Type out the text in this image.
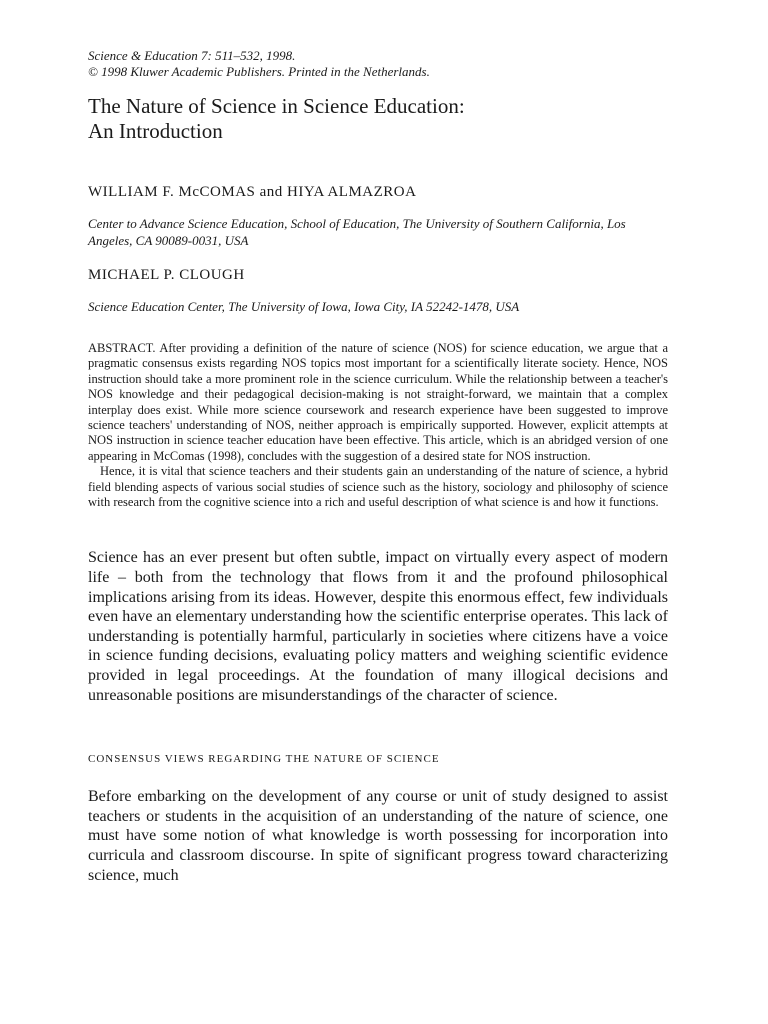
Science & Education 7: 511–532, 1998.

© 1998 Kluwer Academic Publishers. Printed in the Netherlands.

The Nature of Science in Science Education:
An Introduction
WILLIAM F. McCOMAS and HIYA ALMAZROA
Center to Advance Science Education, School of Education, The University of Southern California, Los Angeles, CA 90089-0031, USA
MICHAEL P. CLOUGH
Science Education Center, The University of Iowa, Iowa City, IA 52242-1478, USA

ABSTRACT. After providing a definition of the nature of science (NOS) for science education, we argue that a pragmatic consensus exists regarding NOS topics most important for a scientifically literate society. Hence, NOS instruction should take a more prominent role in the science curriculum. While the relationship between a teacher's NOS knowledge and their pedagogical decision-making is not straight-forward, we maintain that a complex interplay does exist. While more science coursework and research experience have been suggested to improve science teachers' understanding of NOS, neither approach is empirically supported. However, explicit attempts at NOS instruction in science teacher education have been effective. This article, which is an abridged version of one appearing in McComas (1998), concludes with the suggestion of a desired state for NOS instruction.

Hence, it is vital that science teachers and their students gain an understanding of the nature of science, a hybrid field blending aspects of various social studies of science such as the history, sociology and philosophy of science with research from the cognitive science into a rich and useful description of what science is and how it functions.

Science has an ever present but often subtle, impact on virtually every aspect of modern life – both from the technology that flows from it and the profound philosophical implications arising from its ideas. However, despite this enormous effect, few individuals even have an elementary understanding how the scientific enterprise operates. This lack of understanding is potentially harmful, particularly in societies where citizens have a voice in science funding decisions, evaluating policy matters and weighing scientific evidence provided in legal proceedings. At the foundation of many illogical decisions and unreasonable positions are misunderstandings of the character of science.
CONSENSUS VIEWS REGARDING THE NATURE OF SCIENCE
Before embarking on the development of any course or unit of study designed to assist teachers or students in the acquisition of an understanding of the nature of science, one must have some notion of what knowledge is worth possessing for incorporation into curricula and classroom discourse. In spite of significant progress toward characterizing science, much
